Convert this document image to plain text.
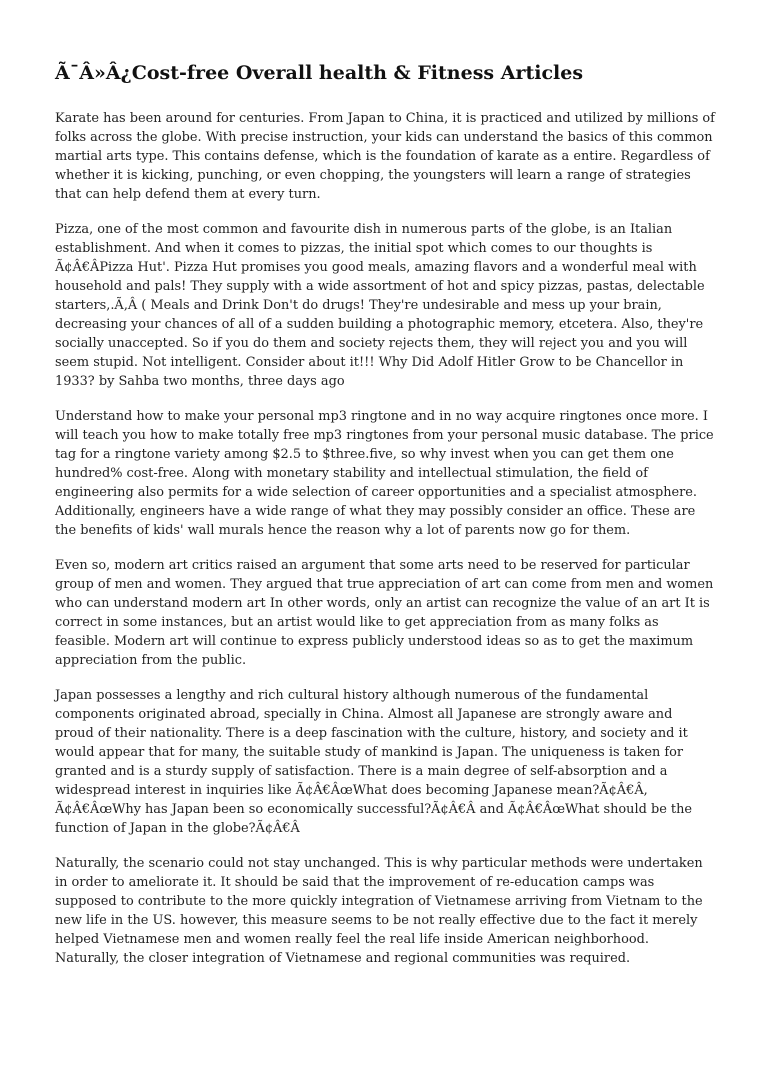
Ã¯Â»Â¿Cost-free Overall health & Fitness Articles

Karate has been around for centuries. From Japan to China, it is practiced and utilized by millions of folks across the globe. With precise instruction, your kids can understand the basics of this common martial arts type. This contains defense, which is the foundation of karate as a entire. Regardless of whether it is kicking, punching, or even chopping, the youngsters will learn a range of strategies that can help defend them at every turn.

Pizza, one of the most common and favourite dish in numerous parts of the globe, is an Italian establishment. And when it comes to pizzas, the initial spot which comes to our thoughts is Ã¢Â€ÂPizza Hut'. Pizza Hut promises you good meals, amazing flavors and a wonderful meal with household and pals! They supply with a wide assortment of hot and spicy pizzas, pastas, delectable starters,.Ã‚Â ( Meals and Drink Don't do drugs! They're undesirable and mess up your brain, decreasing your chances of all of a sudden building a photographic memory, etcetera. Also, they're socially unaccepted. So if you do them and society rejects them, they will reject you and you will seem stupid. Not intelligent. Consider about it!!! Why Did Adolf Hitler Grow to be Chancellor in 1933? by Sahba two months, three days ago

Understand how to make your personal mp3 ringtone and in no way acquire ringtones once more. I will teach you how to make totally free mp3 ringtones from your personal music database. The price tag for a ringtone variety among $2.5 to $three.five, so why invest when you can get them one hundred% cost-free. Along with monetary stability and intellectual stimulation, the field of engineering also permits for a wide selection of career opportunities and a specialist atmosphere. Additionally, engineers have a wide range of what they may possibly consider an office. These are the benefits of kids' wall murals hence the reason why a lot of parents now go for them.

Even so, modern art critics raised an argument that some arts need to be reserved for particular group of men and women. They argued that true appreciation of art can come from men and women who can understand modern art In other words, only an artist can recognize the value of an art It is correct in some instances, but an artist would like to get appreciation from as many folks as feasible. Modern art will continue to express publicly understood ideas so as to get the maximum appreciation from the public.

Japan possesses a lengthy and rich cultural history although numerous of the fundamental components originated abroad, specially in China. Almost all Japanese are strongly aware and proud of their nationality. There is a deep fascination with the culture, history, and society and it would appear that for many, the suitable study of mankind is Japan. The uniqueness is taken for granted and is a sturdy supply of satisfaction. There is a main degree of self-absorption and a widespread interest in inquiries like Ã¢Â€ÂœWhat does becoming Japanese mean?Ã¢Â€Â, Ã¢Â€ÂœWhy has Japan been so economically successful?Ã¢Â€Â and Ã¢Â€ÂœWhat should be the function of Japan in the globe?Ã¢Â€Â

Naturally, the scenario could not stay unchanged. This is why particular methods were undertaken in order to ameliorate it. It should be said that the improvement of re-education camps was supposed to contribute to the more quickly integration of Vietnamese arriving from Vietnam to the new life in the US. however, this measure seems to be not really effective due to the fact it merely helped Vietnamese men and women really feel the real life inside American neighborhood. Naturally, the closer integration of Vietnamese and regional communities was required.
